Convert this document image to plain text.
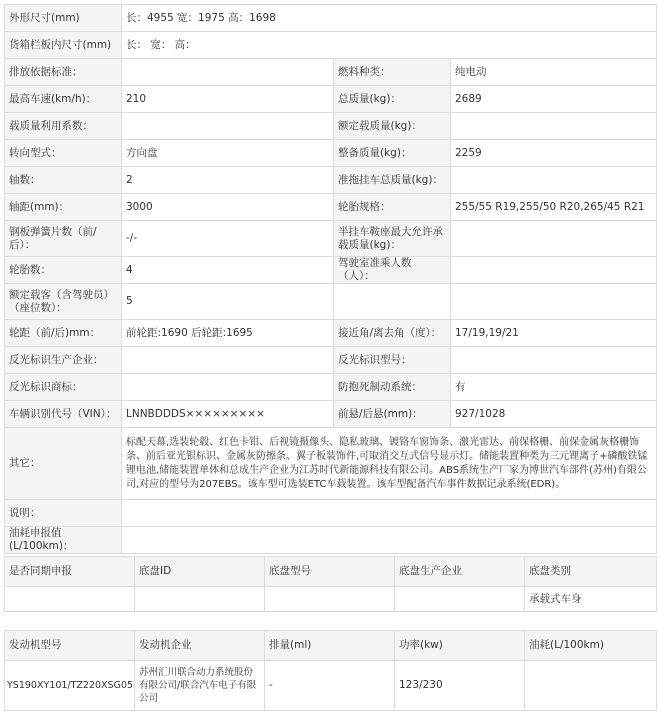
外形尺寸(mm)	长：4955 宽：1975 高：1698		
货箱栏板内尺寸(mm)	长： 宽： 高：		
排放依据标准：		燃料种类：	纯电动
最高车速(km/h)：	210	总质量(kg)：	2689
载质量利用系数：		额定载质量(kg)：	
转向型式：	方向盘	整备质量(kg)：	2259
轴数：	2	准拖挂车总质量(kg)：	
轴距(mm)：	3000	轮胎规格：	255/55 R19,255/50 R20,265/45 R21
钢板弹簧片数（前/后）：	-/-	半挂车鞍座最大允许承载质量(kg)：	
轮胎数：	4	驾驶室准乘人数（人）：	
额定载客（含驾驶员）（座位数）：	5		
轮距（前/后)mm：	前轮距:1690 后轮距:1695	接近角/离去角（度）：	17/19,19/21
反光标识生产企业：		反光标识型号：	
反光标识商标：		防抱死制动系统：	有
车辆识别代号（VIN）：	LNNBDDDS×××××××××	前悬/后悬(mm)：	927/1028
其它：	标配天幕,选装轮毂、红色卡钳、后视镜摄像头、隐私玻璃、镀铬车窗饰条、激光雷达、前保格栅、前保金属灰格栅饰条、前后亚光银标识、金属灰防擦条、翼子板装饰件,可取消交互式信号显示灯。储能装置种类为三元锂离子+磷酸铁锰锂电池,储能装置单体和总成生产企业为江苏时代新能源科技有限公司。ABS系统生产厂家为博世汽车部件(苏州)有限公司,对应的型号为207EBS。该车型可选装ETC车载装置。该车型配备汽车事件数据记录系统(EDR)。		
说明：			
油耗申报值(L/100km)：			
是否同期申报	底盘ID	底盘型号	底盘生产企业	底盘类别
				承载式车身
发动机型号	发动机企业	排量(ml)	功率(kw)	油耗(L/100km)
YS190XY101/TZ220XSG05	苏州汇川联合动力系统股份有限公司/联合汽车电子有限公司	-	123/230	
